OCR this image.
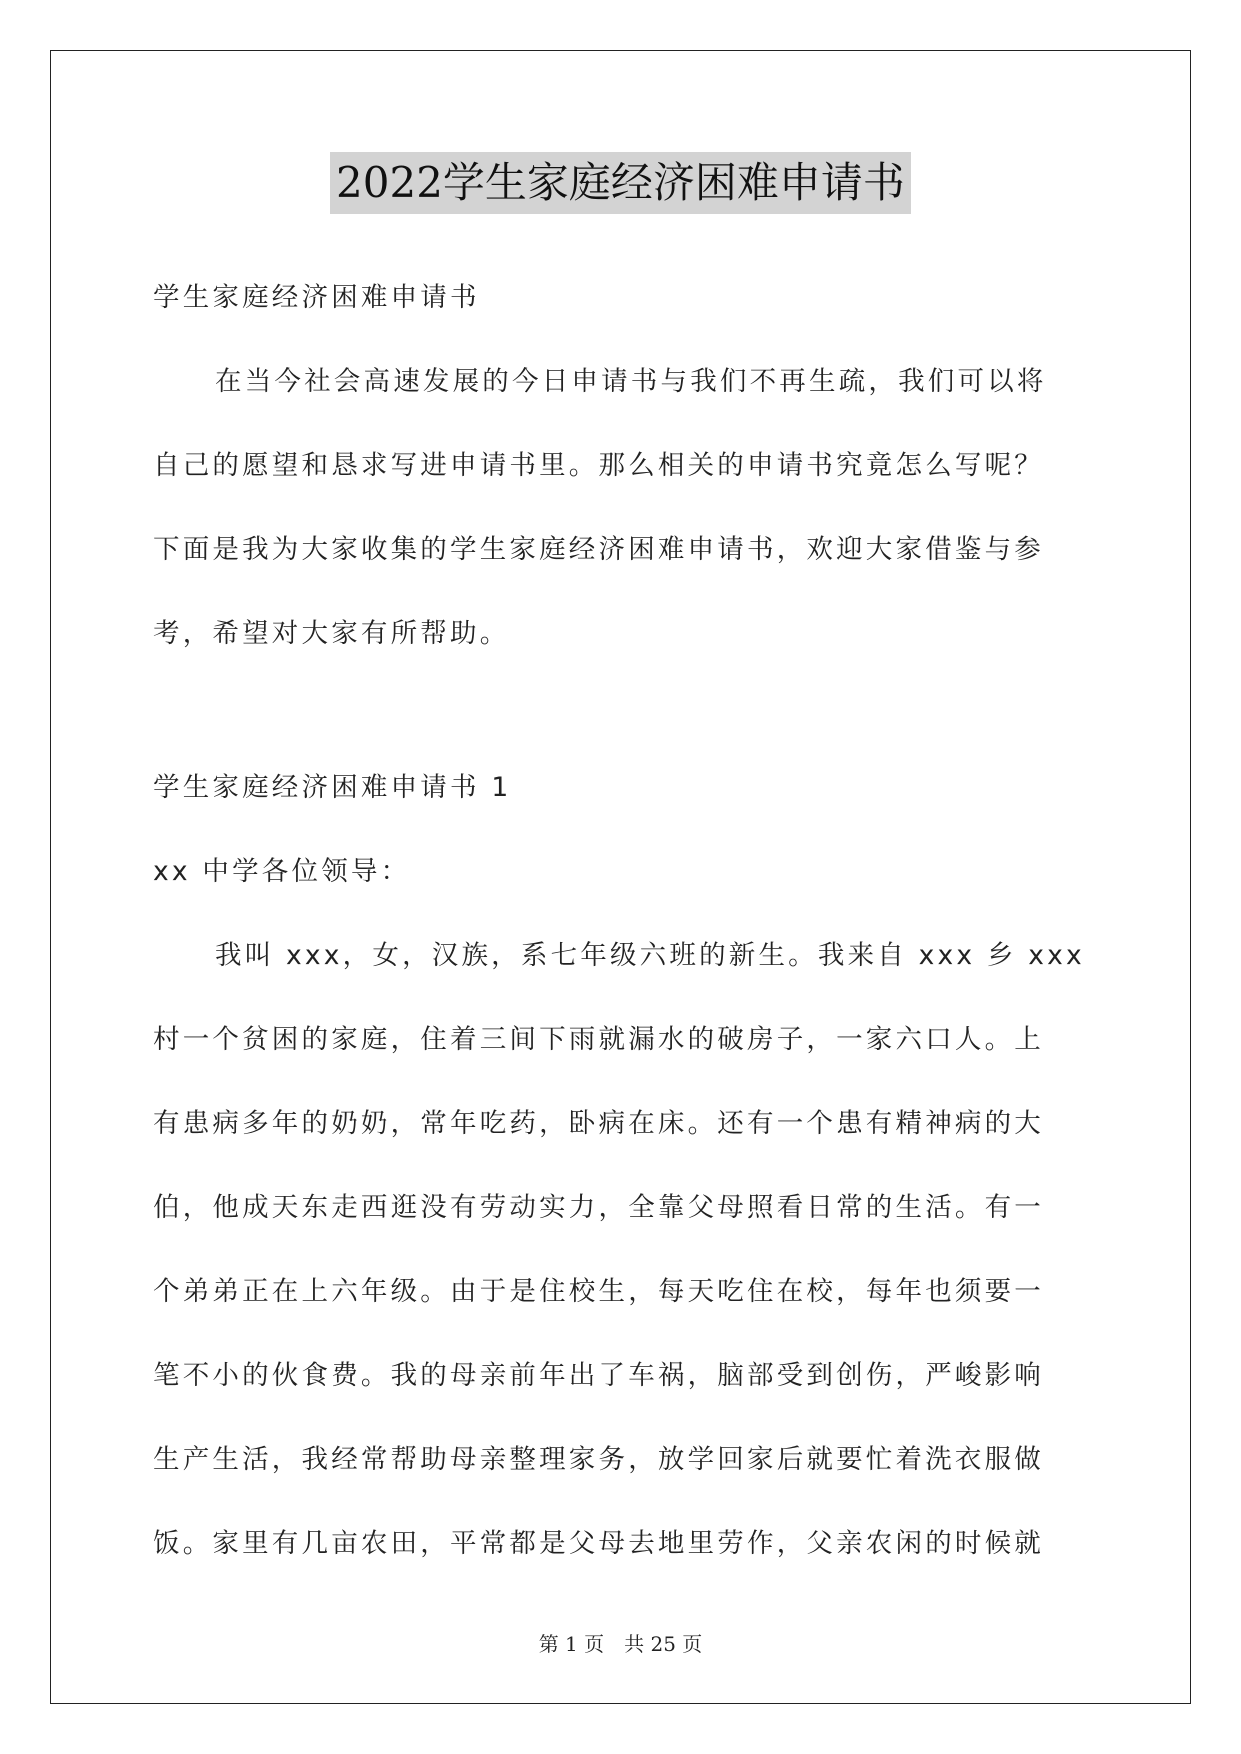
2022学生家庭经济困难申请书
学生家庭经济困难申请书
在当今社会高速发展的今日申请书与我们不再生疏，我们可以将
自己的愿望和恳求写进申请书里。那么相关的申请书究竟怎么写呢？
下面是我为大家收集的学生家庭经济困难申请书，欢迎大家借鉴与参
考，希望对大家有所帮助。
学生家庭经济困难申请书 1
xx 中学各位领导：
我叫 xxx，女，汉族，系七年级六班的新生。我来自 xxx 乡 xxx
村一个贫困的家庭，住着三间下雨就漏水的破房子，一家六口人。上
有患病多年的奶奶，常年吃药，卧病在床。还有一个患有精神病的大
伯，他成天东走西逛没有劳动实力，全靠父母照看日常的生活。有一
个弟弟正在上六年级。由于是住校生，每天吃住在校，每年也须要一
笔不小的伙食费。我的母亲前年出了车祸，脑部受到创伤，严峻影响
生产生活，我经常帮助母亲整理家务，放学回家后就要忙着洗衣服做
饭。家里有几亩农田，平常都是父母去地里劳作，父亲农闲的时候就
第 1 页　共 25 页
